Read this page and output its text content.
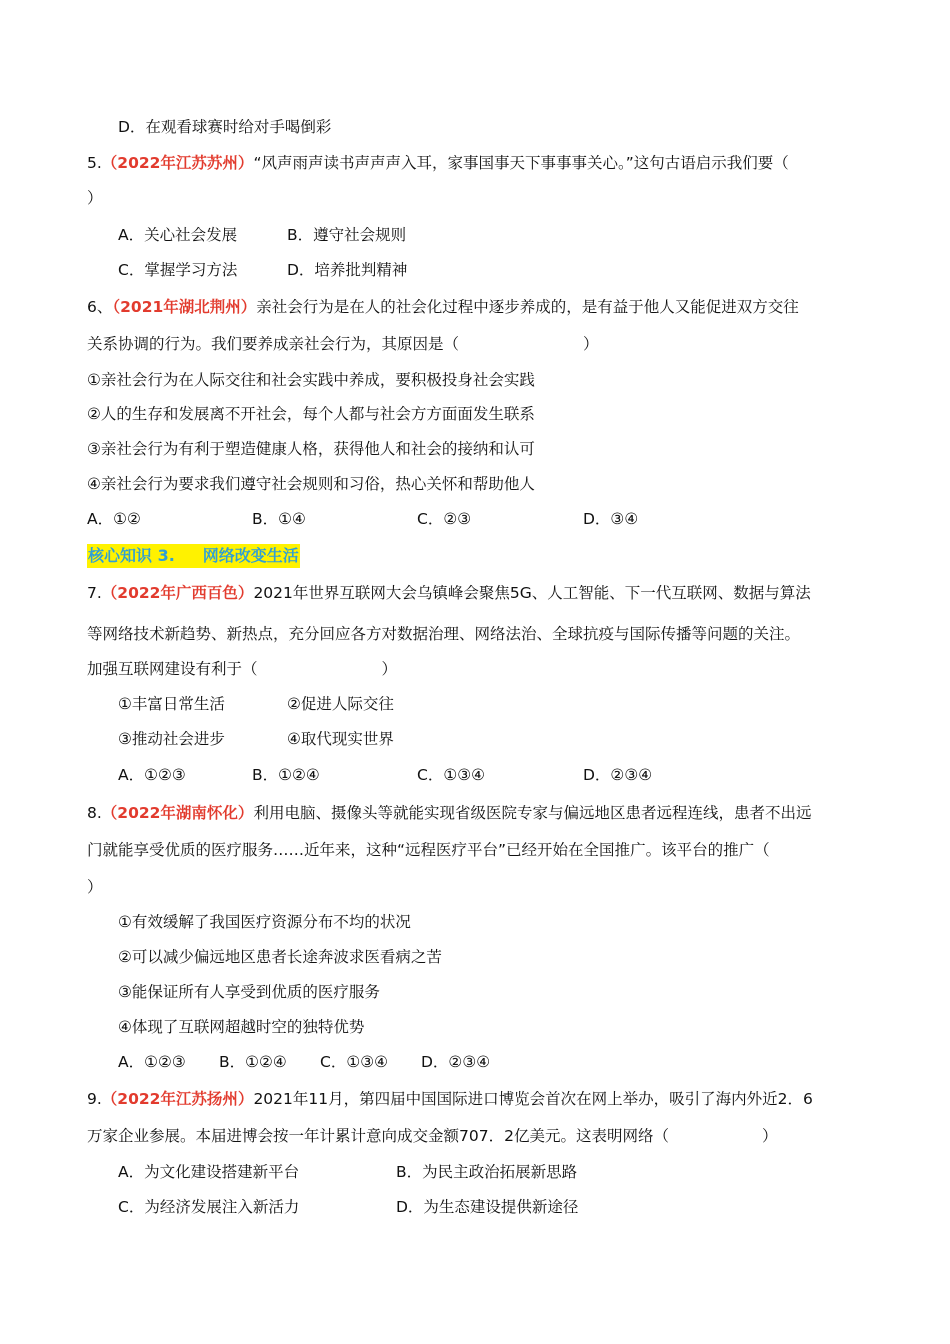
D．在观看球赛时给对手喝倒彩
5.（2022年江苏苏州）“风声雨声读书声声声入耳，家事国事天下事事事关心。”这句古语启示我们要（
）
A．关心社会发展	B．遵守社会规则
C．掌握学习方法	D．培养批判精神
6、（2021年湖北荆州）亲社会行为是在人的社会化过程中逐步养成的，是有益于他人又能促进双方交往
关系协调的行为。我们要养成亲社会行为，其原因是（　　　　　　　　）
①亲社会行为在人际交往和社会实践中养成，要积极投身社会实践
②人的生存和发展离不开社会，每个人都与社会方方面面发生联系
③亲社会行为有利于塑造健康人格，获得他人和社会的接纳和认可
④亲社会行为要求我们遵守社会规则和习俗，热心关怀和帮助他人
A．①②	B．①④	C．②③	D．③④
核心知识 3. 网络改变生活
7.（2022年广西百色）2021年世界互联网大会乌镇峰会聚焦5G、人工智能、下一代互联网、数据与算法
等网络技术新趋势、新热点，充分回应各方对数据治理、网络法治、全球抗疫与国际传播等问题的关注。
加强互联网建设有利于（　　　　　　　　）
①丰富日常生活	②促进人际交往
③推动社会进步	④取代现实世界
A．①②③	B．①②④	C．①③④	D．②③④
8.（2022年湖南怀化）利用电脑、摄像头等就能实现省级医院专家与偏远地区患者远程连线，患者不出远
门就能享受优质的医疗服务……近年来，这种“远程医疗平台”已经开始在全国推广。该平台的推广（
）
①有效缓解了我国医疗资源分布不均的状况
②可以减少偏远地区患者长途奔波求医看病之苦
③能保证所有人享受到优质的医疗服务
④体现了互联网超越时空的独特优势
A．①②③ B．①②④ C．①③④ D．②③④
9.（2022年江苏扬州）2021年11月，第四届中国国际进口博览会首次在网上举办，吸引了海内外近2．6
万家企业参展。本届进博会按一年计累计意向成交金额707．2亿美元。这表明网络（　　　　　　）
A．为文化建设搭建新平台	B．为民主政治拓展新思路
C．为经济发展注入新活力	D．为生态建设提供新途径
